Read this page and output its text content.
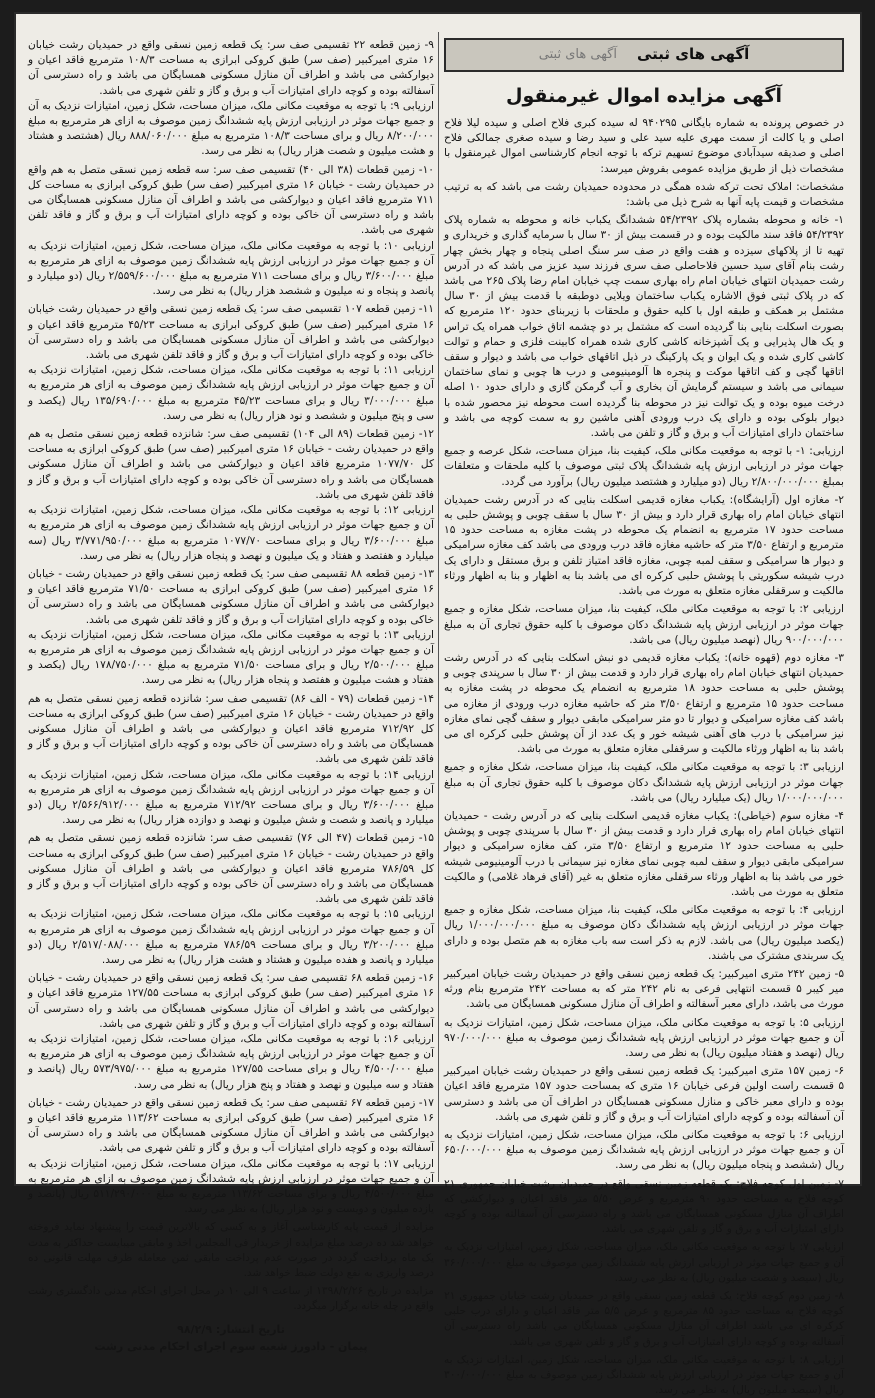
آگهی های ثبتی
آگهی های ثبتی
آگهی مزایده اموال غیرمنقول

در خصوص پرونده به شماره بایگانی ۹۴۰۲۹۵ له سیده کبری فلاح اصلی و سیده لیلا فلاح اصلی و یا کالت از سمت مهری علیه سید علی و سید رضا و سیده صغری جمالکی فلاح اصلی و صدیقه سیدآبادی موضوع تسهیم ترکه با توجه انجام کارشناسی اموال غیرمنقول با مشخصات ذیل از طریق مزایده عمومی بفروش میرسد:

مشخصات: املاک تحت ترکه شده همگی در محدوده حمیدیان رشت می باشد که به ترتیب مشخصات و قیمت پایه آنها به شرح ذیل می باشد:

۱- خانه و محوطه بشماره پلاک ۵۴/۲۳۹۲ ششدانگ یکباب خانه و محوطه به شماره پلاک ۵۴/۲۳۹۲ فاقد سند مالکیت بوده و در قسمت بیش از ۳۰ سال با سرمایه گذاری و خریداری و تهیه تا از پلاکهای سیزده و هفت واقع در صف سر سنگ اصلی پنجاه و چهار بخش چهار رشت بنام آقای سید حسین فلاحاصلی صف سری فرزند سید عزیز می باشد که در آدرس رشت حمیدیان انتهای خیابان امام راه بهاری سمت چپ خیابان امام رضا پلاک ۲۶۵ می باشد که در پلاک ثبتی فوق الاشاره یکباب ساختمان ویلایی دوطبقه با قدمت بیش از ۳۰ سال مشتمل بر همکف و طبقه اول با کلیه حقوق و ملحقات با زیربنای حدود ۱۲۰ مترمربع که بصورت اسکلت بنایی بنا گردیده است که مشتمل بر دو چشمه اتاق خواب همراه یک تراس و یک هال پذیرایی و یک آشپزخانه کاشی کاری شده همراه کابینت فلزی و حمام و توالت کاشی کاری شده و یک ایوان و یک پارکینگ در ذیل اتاقهای خواب می باشد و دیوار و سقف اتاقها گچی و کف اتاقها موکت و پنجره ها آلومینیومی و درب ها چوبی و نمای ساختمان سیمانی می باشد و سیستم گرمایش آن بخاری و آب گرمکن گازی و دارای حدود ۱۰ اصله درخت میوه بوده و یک توالت نیز در محوطه بنا گردیده است محوطه نیز محصور شده با دیوار بلوکی بوده و دارای یک درب ورودی آهنی ماشین رو به سمت کوچه می باشد و ساختمان دارای امتیازات آب و برق و گاز و تلفن می باشد.

ارزیابی: ۱- با توجه به موقعیت مکانی ملک، کیفیت بنا، میزان مساحت، شکل عرصه و جمیع جهات موثر در ارزیابی ارزش پایه ششدانگ پلاک ثبتی موصوف با کلیه ملحقات و متعلقات بمبلغ ۲/۸۰۰/۰۰۰/۰۰۰ ریال (دو میلیارد و هشتصد میلیون ریال) برآورد می گردد.

۲- مغازه اول (آرایشگاه): یکباب مغازه قدیمی اسکلت بنایی که در آدرس رشت حمیدیان انتهای خیابان امام راه بهاری قرار دارد و بیش از ۳۰ سال با سقف چوبی و پوشش حلبی به مساحت حدود ۱۷ مترمربع به انضمام یک محوطه در پشت مغازه به مساحت حدود ۱۵ مترمربع و ارتفاع ۳/۵۰ متر که حاشیه مغازه فاقد درب ورودی می باشد کف مغازه سرامیکی و دیوار ها سرامیکی و سقف لمبه چوبی، مغازه فاقد امتیاز تلفن و برق مستقل و دارای یک درب شیشه سکوریتی با پوشش حلبی کرکره ای می باشد بنا به اظهار و بنا به اظهار ورثاء مالکیت و سرقفلی مغازه متعلق به مورث می باشد.

ارزیابی ۲: با توجه به موقعیت مکانی ملک، کیفیت بنا، میزان مساحت، شکل مغازه و جمیع جهات موثر در ارزیابی ارزش پایه ششدانگ دکان موصوف با کلیه حقوق تجاری آن به مبلغ ۹۰۰/۰۰۰/۰۰۰ ریال (نهصد میلیون ریال) می باشد.

۳- مغازه دوم (قهوه خانه): یکباب مغازه قدیمی دو نبش اسکلت بنایی که در آدرس رشت حمیدیان انتهای خیابان امام راه بهاری قرار دارد و قدمت بیش از ۳۰ سال با سرپندی چوبی و پوشش حلبی به مساحت حدود ۱۸ مترمربع به انضمام یک محوطه در پشت مغازه به مساحت حدود ۱۵ مترمربع و ارتفاع ۳/۵۰ متر که حاشیه مغازه درب ورودی از مغازه می باشد کف مغازه سرامیکی و دیوار تا دو متر سرامیکی مابقی دیوار و سقف گچی نمای مغازه نیز سرامیکی با درب های آهنی شیشه خور و یک عدد از آن پوشش حلبی کرکره ای می باشد بنا به اظهار ورثاء مالکیت و سرقفلی مغازه متعلق به مورث می باشد.

ارزیابی ۳: با توجه به موقعیت مکانی ملک، کیفیت بنا، میزان مساحت، شکل مغازه و جمیع جهات موثر در ارزیابی ارزش پایه ششدانگ دکان موصوف با کلیه حقوق تجاری آن به مبلغ ۱/۰۰۰/۰۰۰/۰۰۰ ریال (یک میلیارد ریال) می باشد.

۴- مغازه سوم (خیاطی): یکباب مغازه قدیمی اسکلت بنایی که در آدرس رشت - حمیدیان انتهای خیابان امام راه بهاری قرار دارد و قدمت بیش از ۳۰ سال با سرپندی چوبی و پوشش حلبی به مساحت حدود ۱۲ مترمربع و ارتفاع ۳/۵۰ متر، کف مغازه سرامیکی و دیوار سرامیکی مابقی دیوار و سقف لمبه چوبی نمای مغازه نیز سیمانی با درب آلومینیومی شیشه خور می باشد بنا به اظهار ورثاء سرقفلی مغازه متعلق به غیر (آقای فرهاد غلامی) و مالکیت متعلق به مورث می باشد.

ارزیابی ۴: با توجه به موقعیت مکانی ملک، کیفیت بنا، میزان مساحت، شکل مغازه و جمیع جهات موثر در ارزیابی ارزش پایه ششدانگ دکان موصوف به مبلغ ۱/۰۰۰/۰۰۰/۰۰۰ ریال (یکصد میلیون ریال) می باشد. لازم به ذکر است سه باب مغازه به هم متصل بوده و دارای یک سربندی مشترک می باشند.

۵- زمین ۲۴۲ متری امیرکبیر: یک قطعه زمین نسقی واقع در حمیدیان رشت خیابان امیرکبیر میر کیبر ۵ قسمت انتهایی فرعی به نام ۲۴۲ متر که به مساحت ۲۴۲ مترمربع بنام ورثه مورث می باشد، دارای معبر آسفالته و اطراف آن منازل مسکونی همسایگان می باشد.

ارزیابی ۵: با توجه به موقعیت مکانی ملک، میزان مساحت، شکل زمین، امتیازات نزدیک به آن و جمیع جهات موثر در ارزیابی ارزش پایه ششدانگ زمین موصوف به مبلغ ۹۷۰/۰۰۰/۰۰۰ ریال (نهصد و هفتاد میلیون ریال) به نظر می رسد.

۶- زمین ۱۵۷ متری امیرکبیر: یک قطعه زمین نسقی واقع در حمیدیان رشت خیابان امیرکبیر ۵ قسمت راست اولین فرعی خیابان ۱۶ متری که بمساحت حدود ۱۵۷ مترمربع فاقد اعیان بوده و دارای معبر خاکی و منازل مسکونی همسایگان در اطراف آن می باشد و دسترسی آن آسفالته بوده و کوچه دارای امتیازات آب و برق و گاز و تلفن شهری می باشد.

ارزیابی ۶: با توجه به موقعیت مکانی ملک، میزان مساحت، شکل زمین، امتیازات نزدیک به آن و جمیع جهات موثر در ارزیابی ارزش پایه ششدانگ زمین موصوف به مبلغ ۶۵۰/۰۰۰/۰۰۰ ریال (ششصد و پنجاه میلیون ریال) به نظر می رسد.

۷- زمین اول کوچه فلاح: یک قطعه زمین نسقی واقع در حمیدیان رشت خیابان جمهوری ۲۱ کوچه فلاح به مساحت حدود ۹۰ مترمربع و عرض ۵/۵۰ متر فاقد اعیان و دیوارکشی که اطراف آن منازل مسکونی همسایگان می باشد و راه دسترسی آن آسفالته بوده و کوچه دارای امتیازات آب و برق و گاز و تلفن شهری می باشد.

ارزیابی ۷: با توجه به موقعیت مکانی ملک، میزان مساحت، شکل زمین، امتیازات نزدیک به آن و جمیع جهات موثر در ارزیابی ارزش پایه ششدانگ زمین موصوف به مبلغ ۳۶۰/۰۰۰/۰۰۰ ریال (سیصد و شصت میلیون ریال) به نظر می رسد.

۸- زمین دوم کوچه فلاح: یک قطعه زمین نسقی واقع در حمیدیان رشت خیابان جمهوری ۲۱ کوچه فلاح به مساحت حدود ۸۵ مترمربع و عرض ۵/۵ متر فاقد اعیان و دارای درب حلبی کرکره ای می باشد اطراف آن منازل مسکونی همسایگان می باشد راه دسترسی آن آسفالته بوده و کوچه دارای امتیازات آب و برق و گاز و تلفن شهری می باشد.

ارزیابی ۸: با توجه به موقعیت مکانی ملک، میزان مساحت، شکل زمین، امتیازات نزدیک به آن و جمیع جهات موثر در ارزیابی ارزش پایه ششدانگ زمین موصوف به مبلغ ۳۰۰/۰۰۰/۰۰۰ ریال (سیصد میلیون ریال) به نظر می رسد.

۹- زمین قطعه ۲۲ تقسیمی صف سر: یک قطعه زمین نسقی واقع در حمیدیان رشت خیابان ۱۶ متری امیرکبیر (صف سر) طبق کروکی ابرازی به مساحت ۱۰۸/۳ مترمربع فاقد اعیان و دیوارکشی می باشد و اطراف آن منازل مسکونی همسایگان می باشد و راه دسترسی آن آسفالته بوده و کوچه دارای امتیازات آب و برق و گاز و تلفن شهری می باشد.

ارزیابی ۹: با توجه به موقعیت مکانی ملک، میزان مساحت، شکل زمین، امتیازات نزدیک به آن و جمیع جهات موثر در ارزیابی ارزش پایه ششدانگ زمین موصوف به ازای هر مترمربع به مبلغ ۸/۲۰۰/۰۰۰ ریال و برای مساحت ۱۰۸/۳ مترمربع به مبلغ ۸۸۸/۰۶۰/۰۰۰ ریال (هشتصد و هشتاد و هشت میلیون و شصت هزار ریال) به نظر می رسد.

۱۰- زمین قطعات (۳۸ الی ۴۰) تقسیمی صف سر: سه قطعه زمین نسقی متصل به هم واقع در حمیدیان رشت - خیابان ۱۶ متری امیرکبیر (صف سر) طبق کروکی ابرازی به مساحت کل ۷۱۱ مترمربع فاقد اعیان و دیوارکشی می باشد و اطراف آن منازل مسکونی همسایگان می باشد و راه دسترسی آن خاکی بوده و کوچه دارای امتیازات آب و برق و گاز و فاقد تلفن شهری می باشد.

ارزیابی ۱۰: با توجه به موقعیت مکانی ملک، میزان مساحت، شکل زمین، امتیازات نزدیک به آن و جمیع جهات موثر در ارزیابی ارزش پایه ششدانگ زمین موصوف به ازای هر مترمربع به مبلغ ۳/۶۰۰/۰۰۰ ریال و برای مساحت ۷۱۱ مترمربع به مبلغ ۲/۵۵۹/۶۰۰/۰۰۰ ریال (دو میلیارد و پانصد و پنجاه و نه میلیون و ششصد هزار ریال) به نظر می رسد.

۱۱- زمین قطعه ۱۰۷ تقسیمی صف سر: یک قطعه زمین نسقی واقع در حمیدیان رشت خیابان ۱۶ متری امیرکبیر (صف سر) طبق کروکی ابرازی به مساحت ۴۵/۲۳ مترمربع فاقد اعیان و دیوارکشی می باشد و اطراف آن منازل مسکونی همسایگان می باشد و راه دسترسی آن خاکی بوده و کوچه دارای امتیازات آب و برق و گاز و فاقد تلفن شهری می باشد.

ارزیابی ۱۱: با توجه به موقعیت مکانی ملک، میزان مساحت، شکل زمین، امتیازات نزدیک به آن و جمیع جهات موثر در ارزیابی ارزش پایه ششدانگ زمین موصوف به ازای هر مترمربع به مبلغ ۳/۰۰۰/۰۰۰ ریال و برای مساحت ۴۵/۲۳ مترمربع به مبلغ ۱۳۵/۶۹۰/۰۰۰ ریال (یکصد و سی و پنج میلیون و ششصد و نود هزار ریال) به نظر می رسد.

۱۲- زمین قطعات (۸۹ الی ۱۰۴) تقسیمی صف سر: شانزده قطعه زمین نسقی متصل به هم واقع در حمیدیان رشت - خیابان ۱۶ متری امیرکبیر (صف سر) طبق کروکی ابرازی به مساحت کل ۱۰۷۷/۷۰ مترمربع فاقد اعیان و دیوارکشی می باشد و اطراف آن منازل مسکونی همسایگان می باشد و راه دسترسی آن خاکی بوده و کوچه دارای امتیازات آب و برق و گاز و فاقد تلفن شهری می باشد.

ارزیابی ۱۲: با توجه به موقعیت مکانی ملک، میزان مساحت، شکل زمین، امتیازات نزدیک به آن و جمیع جهات موثر در ارزیابی ارزش پایه ششدانگ زمین موصوف به ازای هر مترمربع به مبلغ ۳/۶۰۰/۰۰۰ ریال و برای مساحت ۱۰۷۷/۷۰ مترمربع به مبلغ ۳/۷۷۱/۹۵۰/۰۰۰ ریال (سه میلیارد و هفتصد و هفتاد و یک میلیون و نهصد و پنجاه هزار ریال) به نظر می رسد.

۱۳- زمین قطعه ۸۸ تقسیمی صف سر: یک قطعه زمین نسقی واقع در حمیدیان رشت - خیابان ۱۶ متری امیرکبیر (صف سر) طبق کروکی ابرازی به مساحت ۷۱/۵۰ مترمربع فاقد اعیان و دیوارکشی می باشد و اطراف آن منازل مسکونی همسایگان می باشد و راه دسترسی آن خاکی بوده و کوچه دارای امتیازات آب و برق و گاز و فاقد تلفن شهری می باشد.

ارزیابی ۱۳: با توجه به موقعیت مکانی ملک، میزان مساحت، شکل زمین، امتیازات نزدیک به آن و جمیع جهات موثر در ارزیابی ارزش پایه ششدانگ زمین موصوف به ازای هر مترمربع به مبلغ ۲/۵۰۰/۰۰۰ ریال و برای مساحت ۷۱/۵۰ مترمربع به مبلغ ۱۷۸/۷۵۰/۰۰۰ ریال (یکصد و هفتاد و هشت میلیون و هفتصد و پنجاه هزار ریال) به نظر می رسد.

۱۴- زمین قطعات (۷۹ - الف ۸۶) تقسیمی صف سر: شانزده قطعه زمین نسقی متصل به هم واقع در حمیدیان رشت - خیابان ۱۶ متری امیرکبیر (صف سر) طبق کروکی ابرازی به مساحت کل ۷۱۲/۹۲ مترمربع فاقد اعیان و دیوارکشی می باشد و اطراف آن منازل مسکونی همسایگان می باشد و راه دسترسی آن خاکی بوده و کوچه دارای امتیازات آب و برق و گاز و فاقد تلفن شهری می باشد.

ارزیابی ۱۴: با توجه به موقعیت مکانی ملک، میزان مساحت، شکل زمین، امتیازات نزدیک به آن و جمیع جهات موثر در ارزیابی ارزش پایه ششدانگ زمین موصوف به ازای هر مترمربع به مبلغ ۳/۶۰۰/۰۰۰ ریال و برای مساحت ۷۱۲/۹۲ مترمربع به مبلغ ۲/۵۶۶/۹۱۲/۰۰۰ ریال (دو میلیارد و پانصد و شصت و شش میلیون و نهصد و دوازده هزار ریال) به نظر می رسد.

۱۵- زمین قطعات (۴۷ الی ۷۶) تقسیمی صف سر: شانزده قطعه زمین نسقی متصل به هم واقع در حمیدیان رشت - خیابان ۱۶ متری امیرکبیر (صف سر) طبق کروکی ابرازی به مساحت کل ۷۸۶/۵۹ مترمربع فاقد اعیان و دیوارکشی می باشد و اطراف آن منازل مسکونی همسایگان می باشد و راه دسترسی آن خاکی بوده و کوچه دارای امتیازات آب و برق و گاز و فاقد تلفن شهری می باشد.

ارزیابی ۱۵: با توجه به موقعیت مکانی ملک، میزان مساحت، شکل زمین، امتیازات نزدیک به آن و جمیع جهات موثر در ارزیابی ارزش پایه ششدانگ زمین موصوف به ازای هر مترمربع به مبلغ ۳/۲۰۰/۰۰۰ ریال و برای مساحت ۷۸۶/۵۹ مترمربع به مبلغ ۲/۵۱۷/۰۸۸/۰۰۰ ریال (دو میلیارد و پانصد و هفده میلیون و هشتاد و هشت هزار ریال) به نظر می رسد.

۱۶- زمین قطعه ۶۸ تقسیمی صف سر: یک قطعه زمین نسقی واقع در حمیدیان رشت - خیابان ۱۶ متری امیرکبیر (صف سر) طبق کروکی ابرازی به مساحت ۱۲۷/۵۵ مترمربع فاقد اعیان و دیوارکشی می باشد و اطراف آن منازل مسکونی همسایگان می باشد و راه دسترسی آن آسفالته بوده و کوچه دارای امتیازات آب و برق و گاز و تلفن شهری می باشد.

ارزیابی ۱۶: با توجه به موقعیت مکانی ملک، میزان مساحت، شکل زمین، امتیازات نزدیک به آن و جمیع جهات موثر در ارزیابی ارزش پایه ششدانگ زمین موصوف به ازای هر مترمربع به مبلغ ۴/۵۰۰/۰۰۰ ریال و برای مساحت ۱۲۷/۵۵ مترمربع به مبلغ ۵۷۳/۹۷۵/۰۰۰ ریال (پانصد و هفتاد و سه میلیون و نهصد و هفتاد و پنج هزار ریال) به نظر می رسد.

۱۷- زمین قطعه ۶۷ تقسیمی صف سر: یک قطعه زمین نسقی واقع در حمیدیان رشت - خیابان ۱۶ متری امیرکبیر (صف سر) طبق کروکی ابرازی به مساحت ۱۱۳/۶۲ مترمربع فاقد اعیان و دیوارکشی می باشد و اطراف آن منازل مسکونی همسایگان می باشد و راه دسترسی آن آسفالته بوده و کوچه دارای امتیازات آب و برق و گاز و تلفن شهری می باشد.

ارزیابی ۱۷: با توجه به موقعیت مکانی ملک، میزان مساحت، شکل زمین، امتیازات نزدیک به آن و جمیع جهات موثر در ارزیابی ارزش پایه ششدانگ زمین موصوف به ازای هر مترمربع به مبلغ ۴/۵۰۰/۰۰۰ ریال و برای مساحت ۱۱۳/۶۲ مترمربع به مبلغ ۵۱۱/۲۹۰/۰۰۰ ریال (پانصد و یازده میلیون و دویست و نود هزار ریال) به نظر می رسد.

مزایده از قیمت پایه کارشناسی آغاز و به کسی که بالاترین قیمت را پیشنهاد نماید فروخته خواهد شد ده درصد مبلغ مزایده از خریدار فی المجلس اخذ و مابقی میبایست حداکثر به مدت یک ماه پرداخت گردد در صورت عدم پرداخت مابقی ثمن معامله ظرف مهلت قانونی ده درصد واریزی به نفع دولت ضبط خواهد شد.

مزایده در تاریخ ۱۳۹۸/۲/۲۶ از ساعت ۹ الی ۱۰ در محل اجرای احکام مدنی دادگستری رشت واقع در چله خانه برگزار میگردد.

تاریخ انتشار: ۹۸/۲/۹
پیمان - دادورز شعبه سوم اجرای احکام مدنی رشت
